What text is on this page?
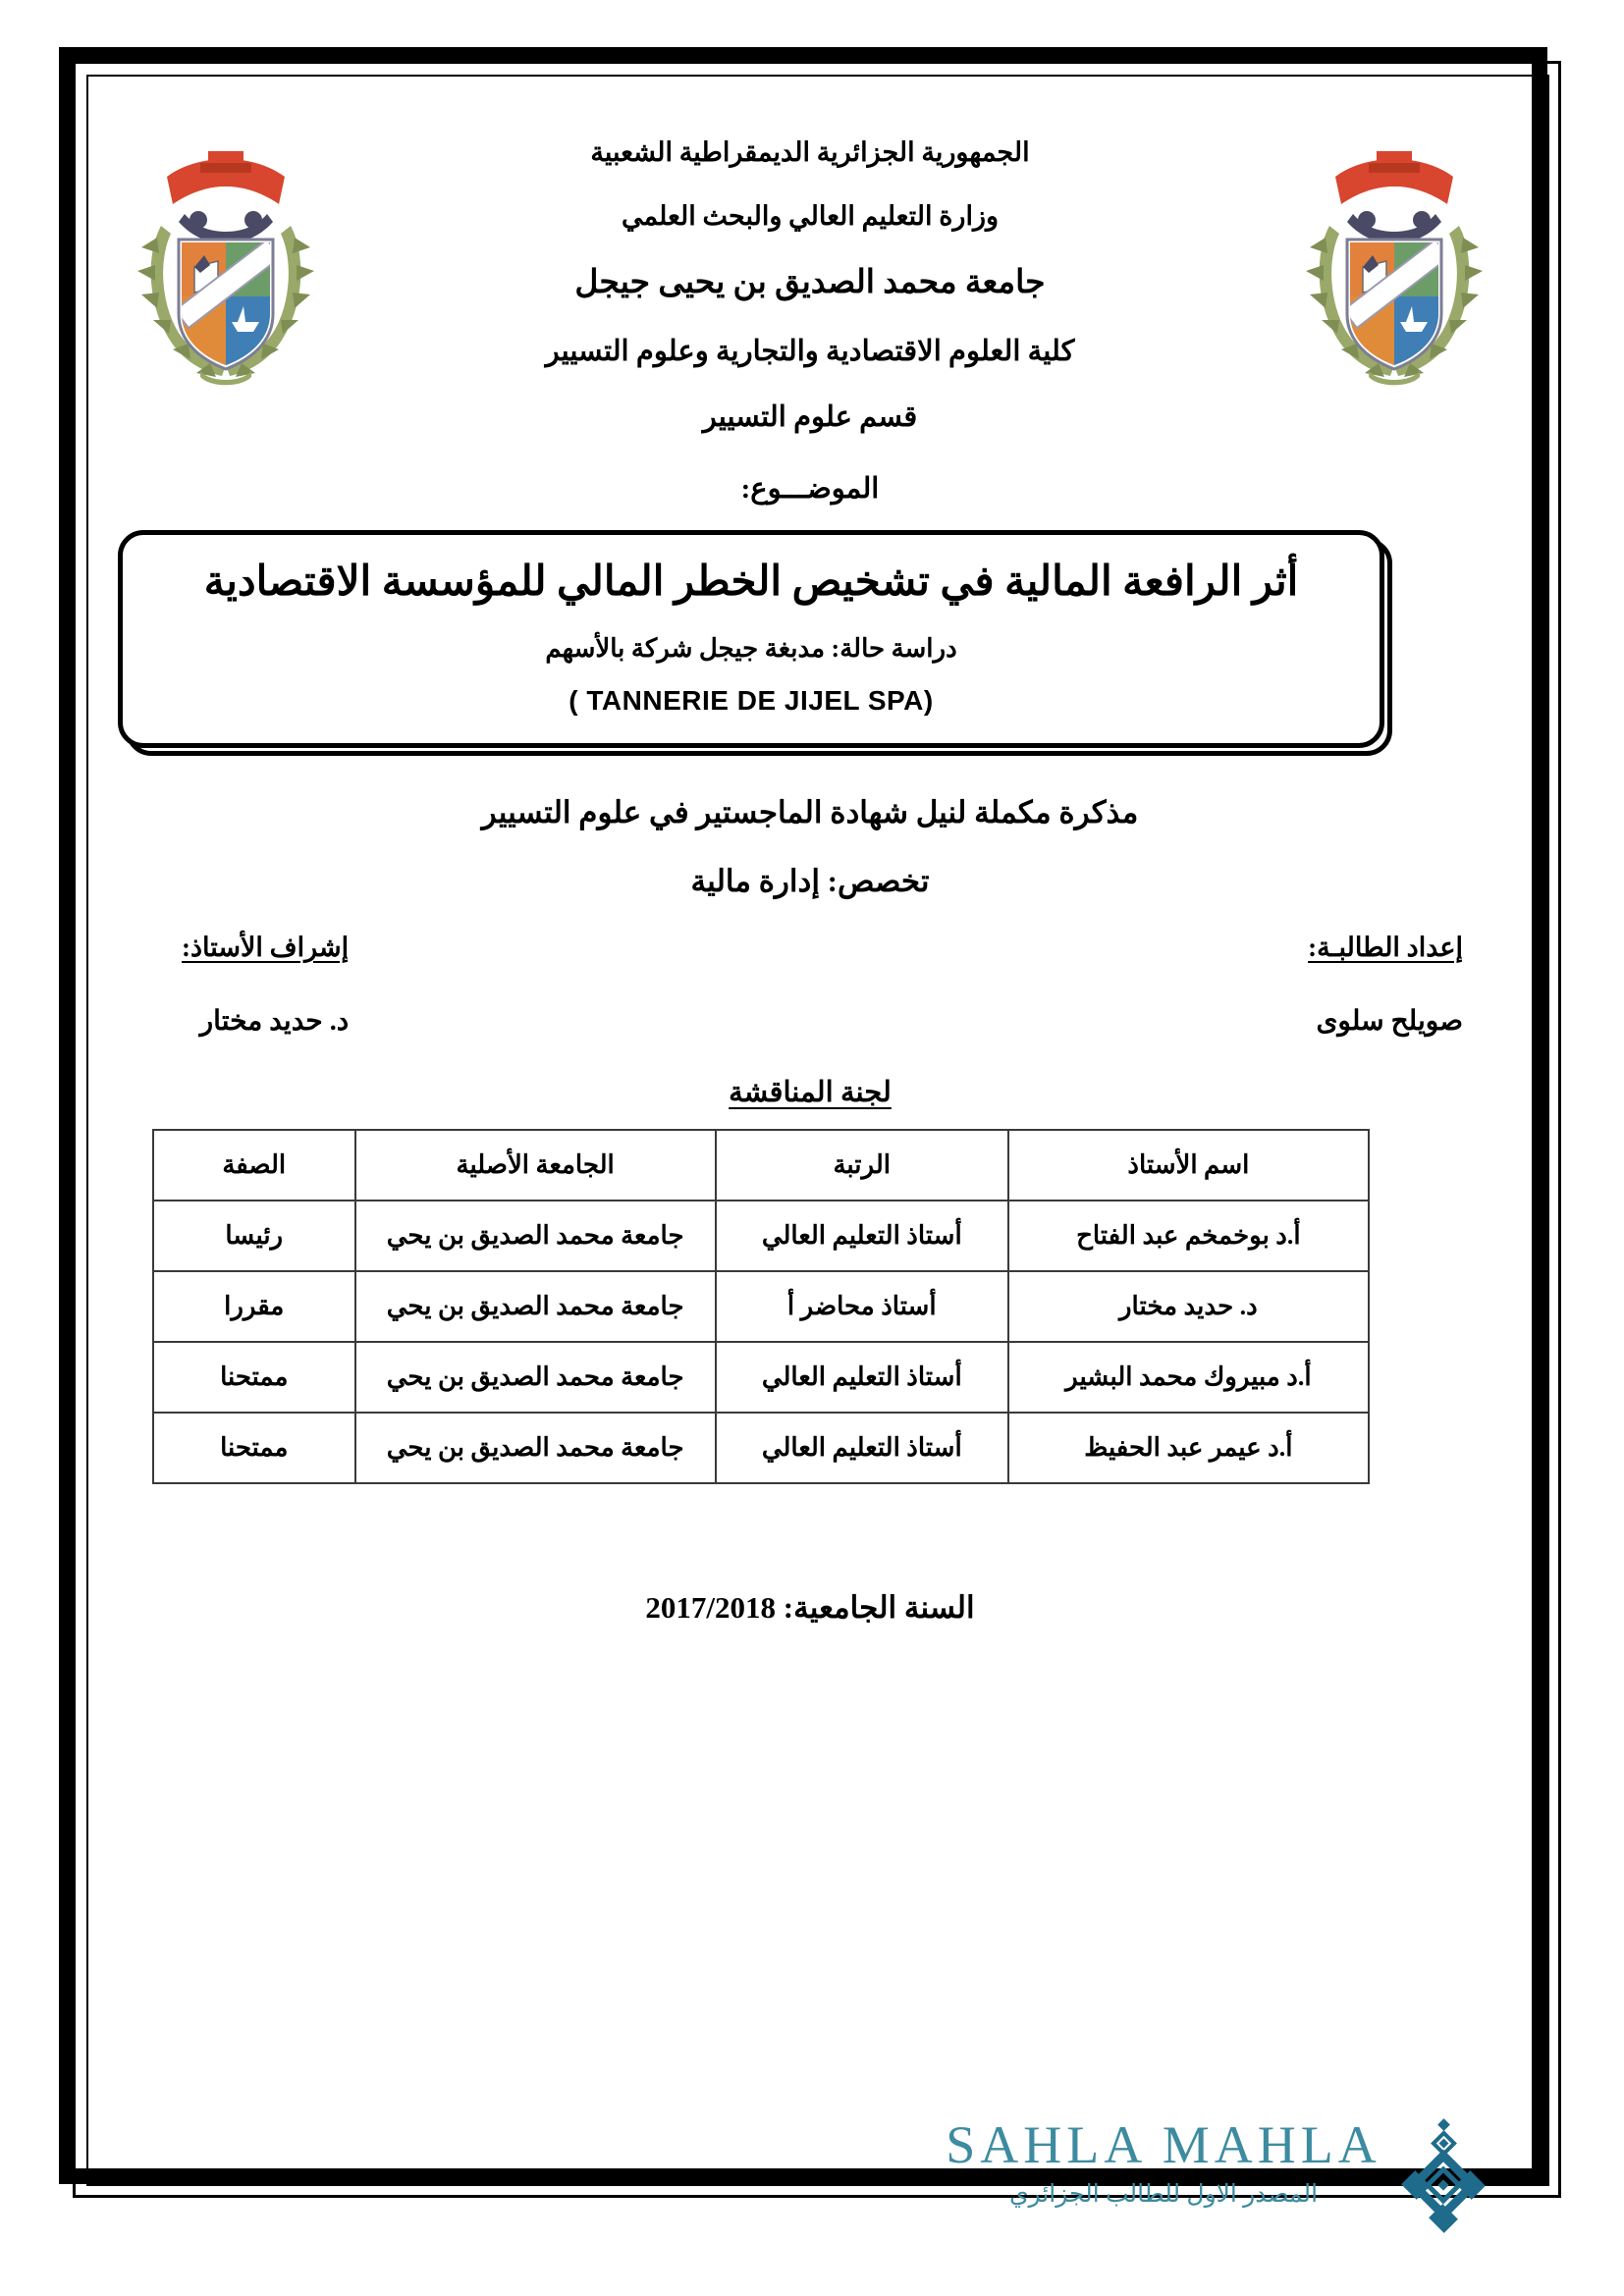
الجمهورية الجزائرية الديمقراطية الشعبية
وزارة التعليم العالي والبحث العلمي
جامعة محمد الصديق بن يحيى جيجل
كلية العلوم الاقتصادية والتجارية وعلوم التسيير
قسم علوم التسيير
الموضـــوع:
أثر الرافعة المالية في تشخيص الخطر المالي للمؤسسة الاقتصادية
دراسة حالة: مدبغة جيجل شركة بالأسهم
( TANNERIE DE JIJEL SPA)
مذكرة مكملة لنيل شهادة الماجستير في علوم التسيير
تخصص: إدارة مالية
إعداد الطالبـة:
صويلح سلوى
إشراف الأستاذ:
د. حديد مختار
لجنة المناقشة
اسم الأستاذ	الرتبة	الجامعة الأصلية	الصفة
أ.د بوخمخم عبد الفتاح	أستاذ التعليم العالي	جامعة محمد الصديق بن يحي	رئيسا
د. حديد مختار	أستاذ محاضر أ	جامعة محمد الصديق بن يحي	مقررا
أ.د مبيروك محمد البشير	أستاذ التعليم العالي	جامعة محمد الصديق بن يحي	ممتحنا
أ.د عيمر عبد الحفيظ	أستاذ التعليم العالي	جامعة محمد الصديق بن يحي	ممتحنا
السنة الجامعية: 2017/2018
SAHLA MAHLA
المصدر الاول للطالب الجزائري
